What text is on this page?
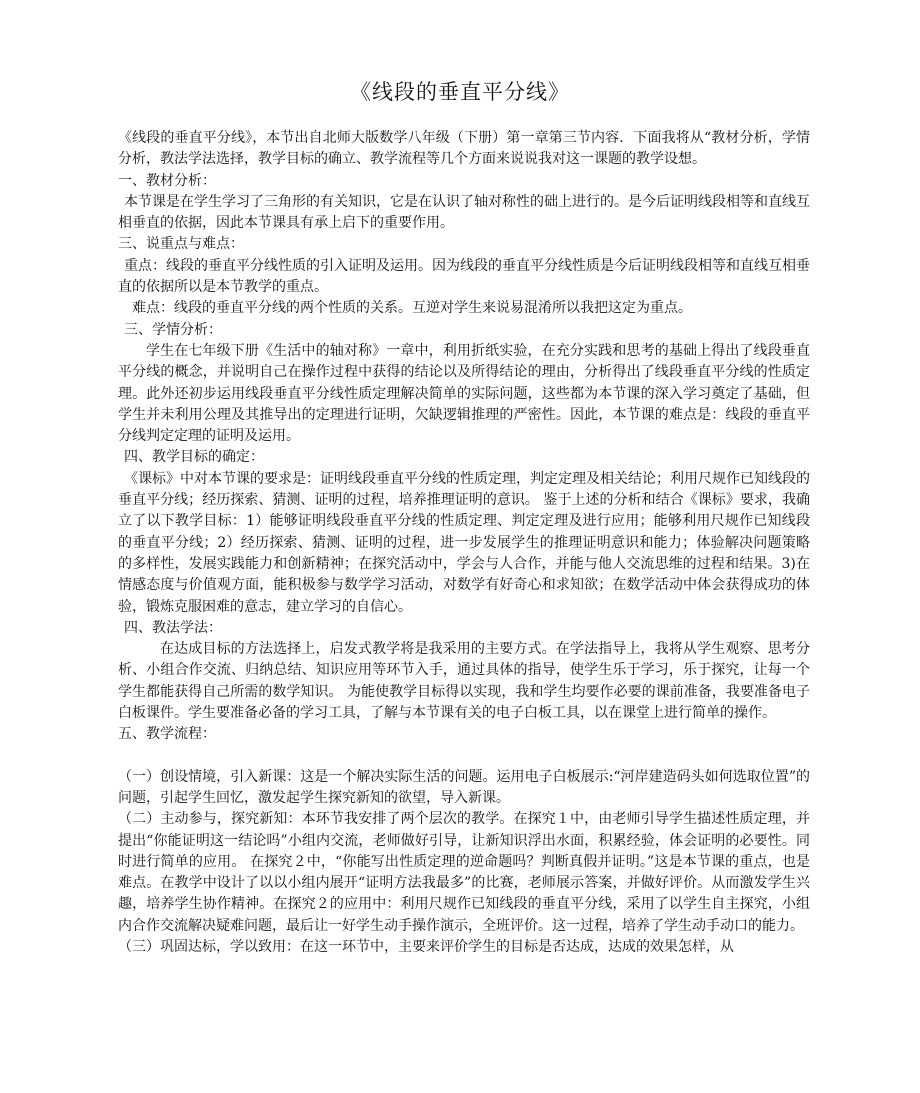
《线段的垂直平分线》

《线段的垂直平分线》，本节出自北师大版数学八年级（下册）第一章第三节内容．下面我将从“教材分析，学情分析，教法学法选择，教学目标的确立、教学流程等几个方面来说说我对这一课题的教学设想。

一、教材分析：

本节课是在学生学习了三角形的有关知识，它是在认识了轴对称性的础上进行的。是今后证明线段相等和直线互相垂直的依据，因此本节课具有承上启下的重要作用。

三、说重点与难点：

重点：线段的垂直平分线性质的引入证明及运用。因为线段的垂直平分线性质是今后证明线段相等和直线互相垂直的依据所以是本节教学的重点。

难点：线段的垂直平分线的两个性质的关系。互逆对学生来说易混淆所以我把这定为重点。

三、学情分析：

学生在七年级下册《生活中的轴对称》一章中，利用折纸实验，在充分实践和思考的基础上得出了线段垂直平分线的概念，并说明自己在操作过程中获得的结论以及所得结论的理由，分析得出了线段垂直平分线的性质定理。此外还初步运用线段垂直平分线性质定理解决简单的实际问题，这些都为本节课的深入学习奠定了基础，但学生并未利用公理及其推导出的定理进行证明，欠缺逻辑推理的严密性。因此，本节课的难点是：线段的垂直平分线判定定理的证明及运用。

四、教学目标的确定：

《课标》中对本节课的要求是：证明线段垂直平分线的性质定理，判定定理及相关结论；利用尺规作已知线段的垂直平分线；经历探索、猜测、证明的过程，培养推理证明的意识。 鉴于上述的分析和结合《课标》要求，我确立了以下教学目标：1）能够证明线段垂直平分线的性质定理、判定定理及进行应用；能够利用尺规作已知线段的垂直平分线；2）经历探索、猜测、证明的过程，进一步发展学生的推理证明意识和能力；体验解决问题策略的多样性，发展实践能力和创新精神；在探究活动中，学会与人合作，并能与他人交流思维的过程和结果。3)在情感态度与价值观方面，能积极参与数学学习活动，对数学有好奇心和求知欲；在数学活动中体会获得成功的体验，锻炼克服困难的意志，建立学习的自信心。

四、教法学法：

在达成目标的方法选择上，启发式教学将是我采用的主要方式。在学法指导上，我将从学生观察、思考分析、小组合作交流、归纳总结、知识应用等环节入手，通过具体的指导，使学生乐于学习，乐于探究，让每一个学生都能获得自己所需的数学知识。 为能使教学目标得以实现，我和学生均要作必要的课前准备，我要准备电子白板课件。学生要准备必备的学习工具，了解与本节课有关的电子白板工具，以在课堂上进行简单的操作。

五、教学流程：

（一）创设情境，引入新课：这是一个解决实际生活的问题。运用电子白板展示:“河岸建造码头如何选取位置”的问题，引起学生回忆，激发起学生探究新知的欲望，导入新课。

（二）主动参与，探究新知：本环节我安排了两个层次的教学。在探究１中，由老师引导学生描述性质定理，并提出“你能证明这一结论吗”小组内交流，老师做好引导，让新知识浮出水面，积累经验，体会证明的必要性。同时进行简单的应用。 在探究２中，“你能写出性质定理的逆命题吗？判断真假并证明。”这是本节课的重点，也是难点。在教学中设计了以以小组内展开“证明方法我最多”的比赛，老师展示答案，并做好评价。从而激发学生兴趣，培养学生协作精神。在探究２的应用中：利用尺规作已知线段的垂直平分线，采用了以学生自主探究，小组内合作交流解决疑难问题，最后让一好学生动手操作演示，全班评价。这一过程，培养了学生动手动口的能力。

（三）巩固达标，学以致用：在这一环节中，主要来评价学生的目标是否达成，达成的效果怎样，从
